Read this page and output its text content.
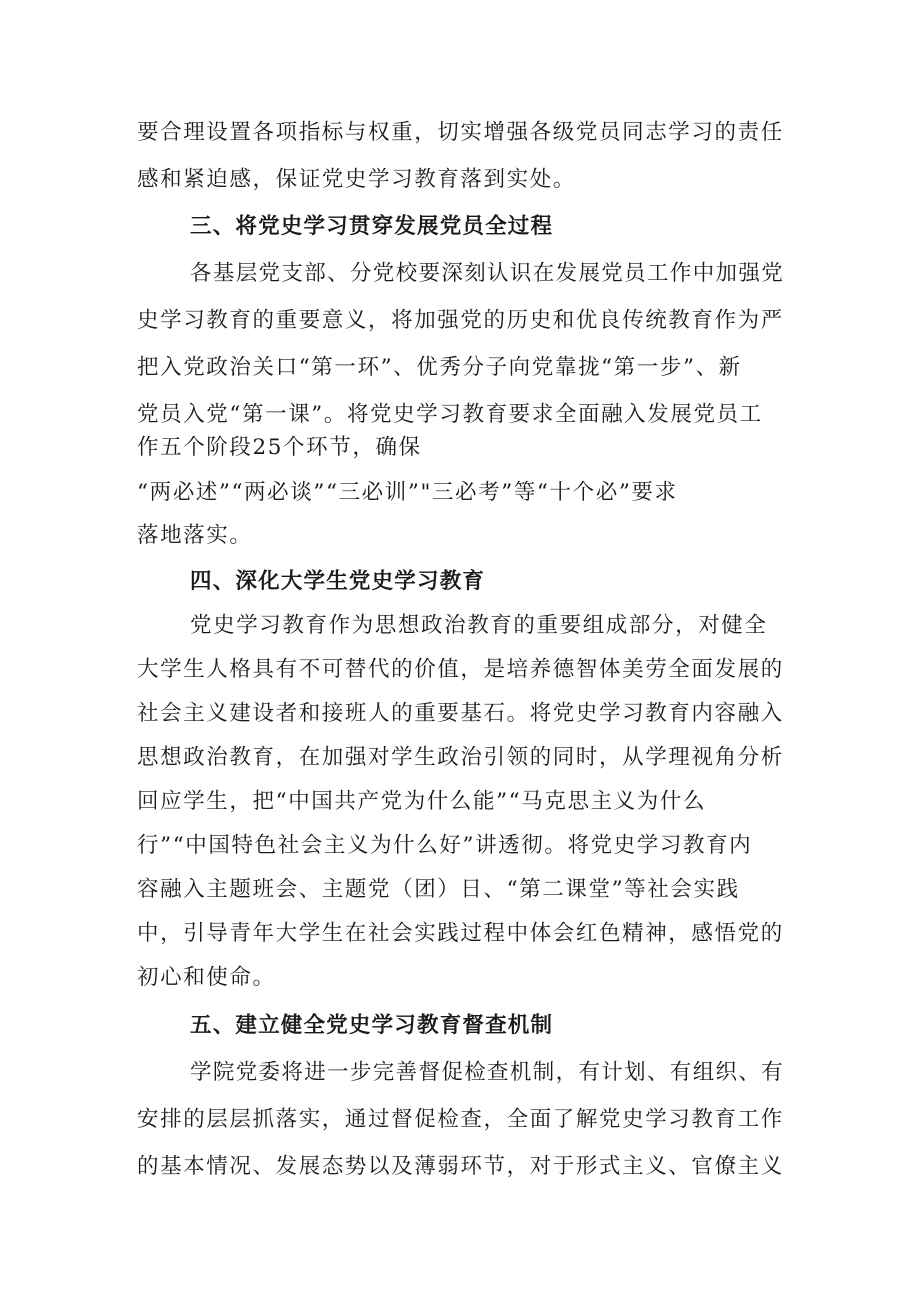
要合理设置各项指标与权重，切实增强各级党员同志学习的责任

感和紧迫感，保证党史学习教育落到实处。

三、将党史学习贯穿发展党员全过程

各基层党支部、分党校要深刻认识在发展党员工作中加强党

史学习教育的重要意义，将加强党的历史和优良传统教育作为严

把入党政治关口“第一环”、优秀分子向党靠拢“第一步”、新

党员入党“第一课”。将党史学习教育要求全面融入发展党员工

作五个阶段25个环节，确保

“两必述”“两必谈”“三必训”"三必考”等“十个必”要求

落地落实。

四、深化大学生党史学习教育

党史学习教育作为思想政治教育的重要组成部分，对健全

大学生人格具有不可替代的价值，是培养德智体美劳全面发展的

社会主义建设者和接班人的重要基石。将党史学习教育内容融入

思想政治教育，在加强对学生政治引领的同时，从学理视角分析

回应学生，把“中国共产党为什么能”“马克思主义为什么

行”“中国特色社会主义为什么好”讲透彻。将党史学习教育内

容融入主题班会、主题党（团）日、“第二课堂”等社会实践

中，引导青年大学生在社会实践过程中体会红色精神，感悟党的

初心和使命。

五、建立健全党史学习教育督查机制

学院党委将进一步完善督促检查机制，有计划、有组织、有

安排的层层抓落实，通过督促检查，全面了解党史学习教育工作

的基本情况、发展态势以及薄弱环节，对于形式主义、官僚主义
